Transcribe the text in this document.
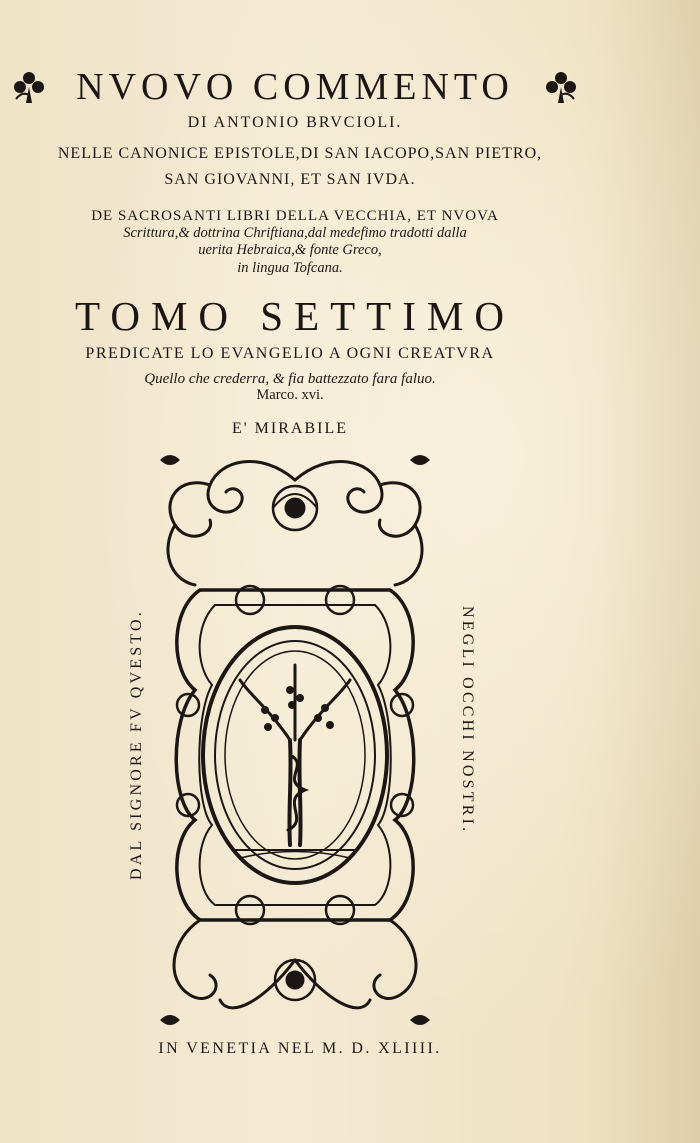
NVOVO COMMENTO
DI ANTONIO BRVCIOLI.
NELLE CANONICE EPISTOLE,DI SAN IACOPO,SAN PIETRO,
SAN GIOVANNI, ET SAN IVDA.
DE SACROSANTI LIBRI DELLA VECCHIA, ET NVOVA
Scrittura,& dottrina Chriftiana,dal medefimo tradotti dalla
uerita Hebraica,& fonte Greco,
in lingua Tofcana.
TOMO SETTIMO
PREDICATE LO EVANGELIO A OGNI CREATVRA
Quello che crederra, & fia battezzato fara faluo.
Marco. xvi.
E' MIRABILE
DAL SIGNORE FV QVESTO.	NEGLI OCCHI NOSTRI.
IN VENETIA NEL M. D. XLIIII.
